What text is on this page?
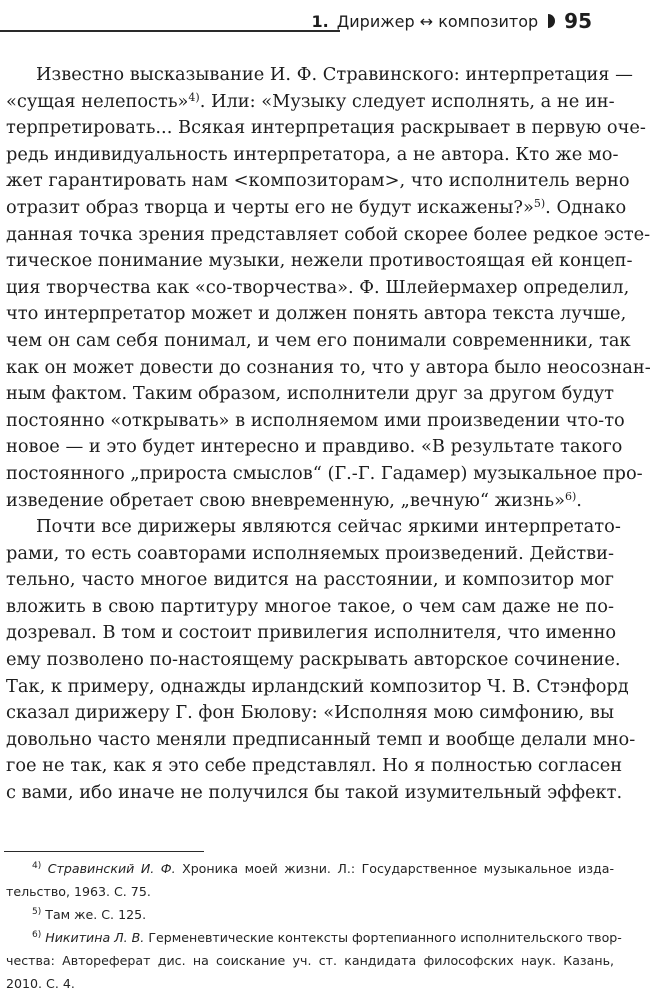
1. Дирижер ↔ композитор 95
Известно высказывание И. Ф. Стравинского: интерпретация —
«сущая нелепость»$^{4)}$. Или: «Музыку следует исполнять, а не ин-
терпретировать... Всякая интерпретация раскрывает в первую оче-
редь индивидуальность интерпретатора, а не автора. Кто же мо-
жет гарантировать нам <композиторам>, что исполнитель верно
отразит образ творца и черты его не будут искажены?»$^{5)}$. Однако
данная точка зрения представляет собой скорее более редкое эсте-
тическое понимание музыки, нежели противостоящая ей концеп-
ция творчества как «со-творчества». Ф. Шлейермахер определил,
что интерпретатор может и должен понять автора текста лучше,
чем он сам себя понимал, и чем его понимали современники, так
как он может довести до сознания то, что у автора было неосознан-
ным фактом. Таким образом, исполнители друг за другом будут
постоянно «открывать» в исполняемом ими произведении что-то
новое — и это будет интересно и правдиво. «В результате такого
постоянного „прироста смыслов“ (Г.-Г. Гадамер) музыкальное про-
изведение обретает свою вневременную, „вечную“ жизнь»$^{6)}$.
Почти все дирижеры являются сейчас яркими интерпретато-
рами, то есть соавторами исполняемых произведений. Действи-
тельно, часто многое видится на расстоянии, и композитор мог
вложить в свою партитуру многое такое, о чем сам даже не по-
дозревал. В том и состоит привилегия исполнителя, что именно
ему позволено по-настоящему раскрывать авторское сочинение.
Так, к примеру, однажды ирландский композитор Ч. В. Стэнфорд
сказал дирижеру Г. фон Бюлову: «Исполняя мою симфонию, вы
довольно часто меняли предписанный темп и вообще делали мно-
гое не так, как я это себе представлял. Но я полностью согласен
с вами, ибо иначе не получился бы такой изумительный эффект.
$^{4)}$ Стравинский И. Ф. Хроника моей жизни. Л.: Государственное музыкальное изда-
тельство, 1963. С. 75.
$^{5)}$ Там же. С. 125.
$^{6)}$ Никитина Л. В. Герменевтические контексты фортепианного исполнительского твор-
чества: Автореферат дис. на соискание уч. ст. кандидата философских наук. Казань,
2010. С. 4.
